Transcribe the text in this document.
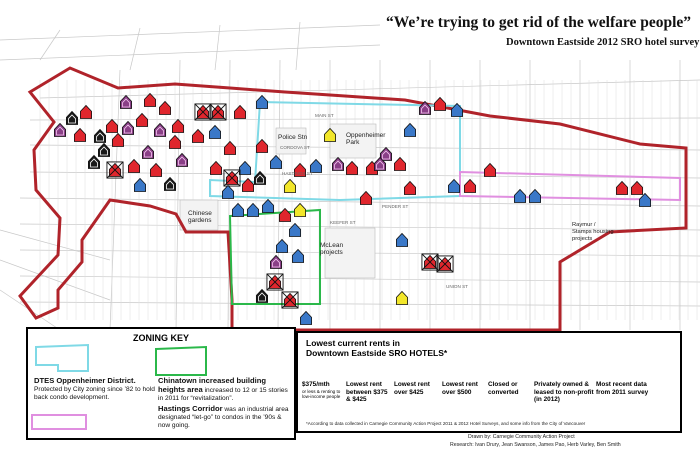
“We’re trying to get rid of the welfare people”
Downtown Eastside 2012 SRO hotel survey
Police Stn	Oppenheimer Park
Chinese gardens
McLean projects
Raymur / Stamps housing projects
HASTINGS ST
PENDER ST
CORDOVA ST
KEEFER ST
UNION ST
MAIN ST
ZONING KEY
DTES Oppenheimer District.
Protected by City zoning since ’82 to hold back condo development.
Chinatown increased building heights area increased to 12 or 15 stories in 2011 for “revitalization”.
Hastings Corridor was an industrial area designated “let-go” to condos in the ’90s & now going.
Lowest current rents in
Downtown Eastside SRO HOTELS*
$375/mth
or less & renting to low-income people
Lowest rent between $375 & $425
Lowest rent over $425
Lowest rent over $500
Closed or converted
Privately owned & leased to non-profit (in 2012)
Most recent data from 2011 survey
*According to data collected in Carnegie Community Action Project 2011 & 2012 Hotel Surveys, and some info from the City of Vancouver
Drawn by: Carnegie Community Action Project
Research: Ivan Drury, Jean Swanson, James Pao, Herb Varley, Ben Smith
